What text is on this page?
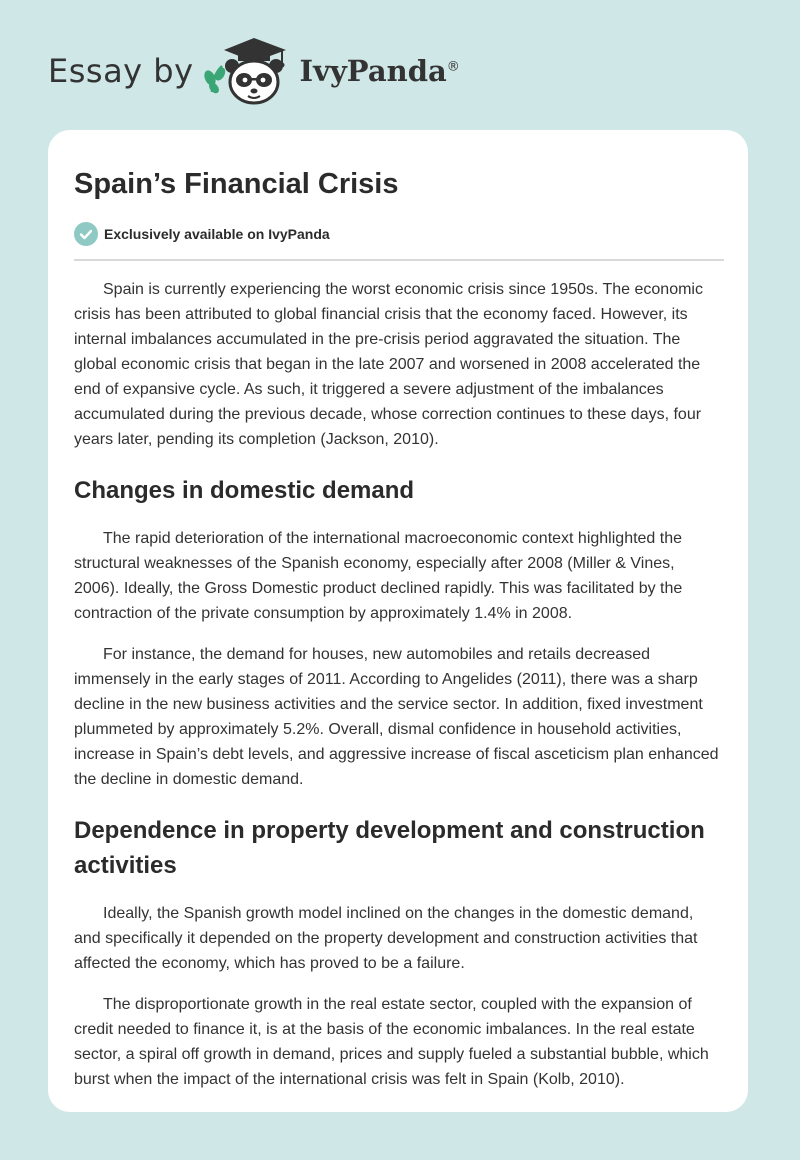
Essay by	IvyPanda®
Spain’s Financial Crisis
Exclusively available on IvyPanda

Spain is currently experiencing the worst economic crisis since 1950s. The economic crisis has been attributed to global financial crisis that the economy faced. However, its internal imbalances accumulated in the pre-crisis period aggravated the situation. The global economic crisis that began in the late 2007 and worsened in 2008 accelerated the end of expansive cycle. As such, it triggered a severe adjustment of the imbalances accumulated during the previous decade, whose correction continues to these days, four years later, pending its completion (Jackson, 2010).

Changes in domestic demand

The rapid deterioration of the international macroeconomic context highlighted the structural weaknesses of the Spanish economy, especially after 2008 (Miller & Vines, 2006). Ideally, the Gross Domestic product declined rapidly. This was facilitated by the contraction of the private consumption by approximately 1.4% in 2008.

For instance, the demand for houses, new automobiles and retails decreased immensely in the early stages of 2011. According to Angelides (2011), there was a sharp decline in the new business activities and the service sector. In addition, fixed investment plummeted by approximately 5.2%. Overall, dismal confidence in household activities, increase in Spain’s debt levels, and aggressive increase of fiscal asceticism plan enhanced the decline in domestic demand.

Dependence in property development and construction activities

Ideally, the Spanish growth model inclined on the changes in the domestic demand, and specifically it depended on the property development and construction activities that affected the economy, which has proved to be a failure.

The disproportionate growth in the real estate sector, coupled with the expansion of credit needed to finance it, is at the basis of the economic imbalances. In the real estate sector, a spiral off growth in demand, prices and supply fueled a substantial bubble, which burst when the impact of the international crisis was felt in Spain (Kolb, 2010).
